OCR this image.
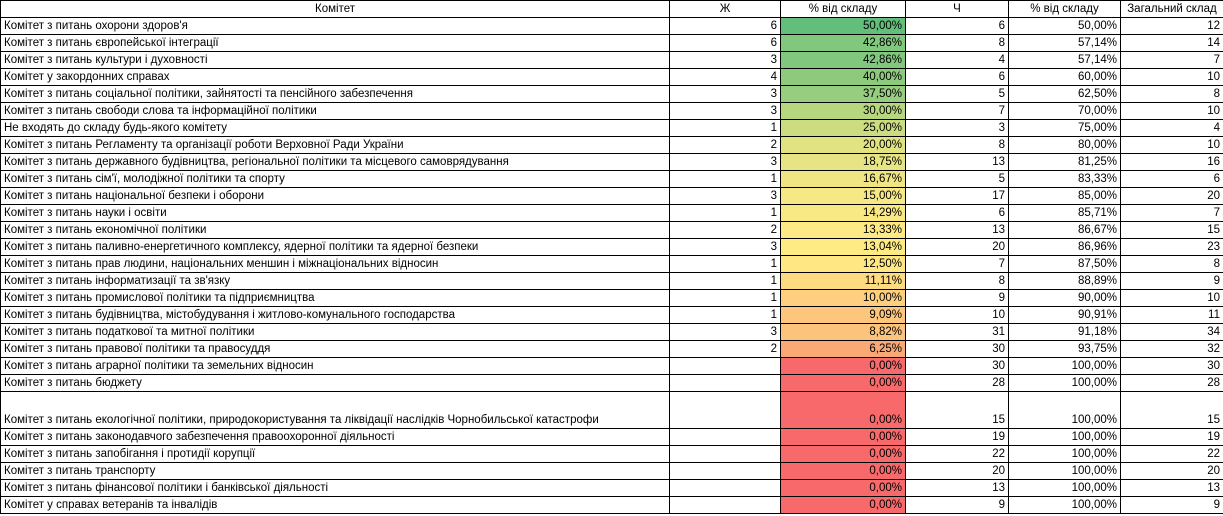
Комітет	Ж	% від складу	Ч	% від складу	Загальний склад
Комітет з питань охорони здоров'я	6	50,00%	6	50,00%	12
Комітет з питань європейської інтеграції	6	42,86%	8	57,14%	14
Комітет з питань культури і духовності	3	42,86%	4	57,14%	7
Комітет у закордонних справах	4	40,00%	6	60,00%	10
Комітет з питань соціальної політики, зайнятості та пенсійного забезпечення	3	37,50%	5	62,50%	8
Комітет з питань свободи слова та інформаційної політики	3	30,00%	7	70,00%	10
Не входять до складу будь-якого комітету	1	25,00%	3	75,00%	4
Комітет з питань Регламенту та організації роботи Верховної Ради України	2	20,00%	8	80,00%	10
Комітет з питань державного будівництва, регіональної політики та місцевого самоврядування	3	18,75%	13	81,25%	16
Комітет з питань сім'ї, молодіжної політики та спорту	1	16,67%	5	83,33%	6
Комітет з питань національної безпеки і оборони	3	15,00%	17	85,00%	20
Комітет з питань науки і освіти	1	14,29%	6	85,71%	7
Комітет з питань економічної політики	2	13,33%	13	86,67%	15
Комітет з питань паливно-енергетичного комплексу, ядерної політики та ядерної безпеки	3	13,04%	20	86,96%	23
Комітет з питань прав людини, національних меншин і міжнаціональних відносин	1	12,50%	7	87,50%	8
Комітет з питань інформатизації та зв'язку	1	11,11%	8	88,89%	9
Комітет з питань промислової політики та підприємництва	1	10,00%	9	90,00%	10
Комітет з питань будівництва, містобудування і житлово-комунального господарства	1	9,09%	10	90,91%	11
Комітет з питань податкової та митної політики	3	8,82%	31	91,18%	34
Комітет з питань правової політики та правосуддя	2	6,25%	30	93,75%	32
Комітет з питань аграрної політики та земельних відносин		0,00%	30	100,00%	30
Комітет з питань бюджету		0,00%	28	100,00%	28
Комітет з питань екологічної політики, природокористування та ліквідації наслідків Чорнобильської катастрофи		0,00%	15	100,00%	15
Комітет з питань законодавчого забезпечення правоохоронної діяльності		0,00%	19	100,00%	19
Комітет з питань запобігання і протидії корупції		0,00%	22	100,00%	22
Комітет з питань транспорту		0,00%	20	100,00%	20
Комітет з питань фінансової політики і банківської діяльності		0,00%	13	100,00%	13
Комітет у справах ветеранів та інвалідів		0,00%	9	100,00%	9
